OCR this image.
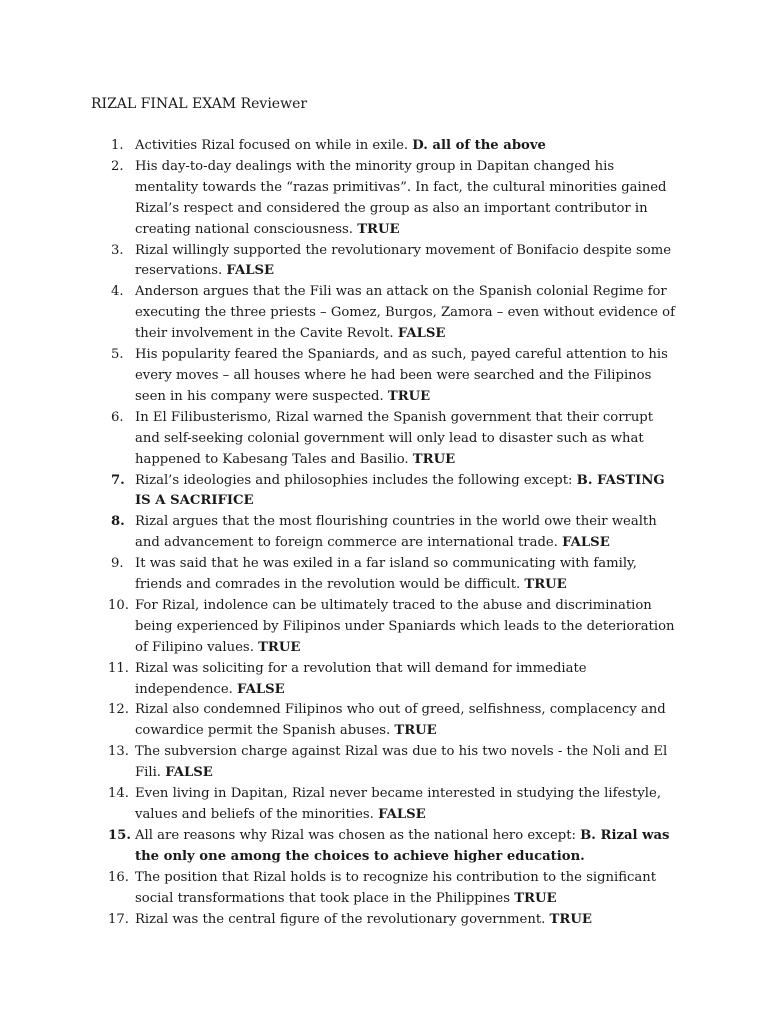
RIZAL FINAL EXAM Reviewer
1. Activities Rizal focused on while in exile. D. all of the above
2. His day-to-day dealings with the minority group in Dapitan changed his mentality towards the “razas primitivas”. In fact, the cultural minorities gained Rizal’s respect and considered the group as also an important contributor in creating national consciousness. TRUE
3. Rizal willingly supported the revolutionary movement of Bonifacio despite some reservations. FALSE
4. Anderson argues that the Fili was an attack on the Spanish colonial Regime for executing the three priests – Gomez, Burgos, Zamora – even without evidence of their involvement in the Cavite Revolt. FALSE
5. His popularity feared the Spaniards, and as such, payed careful attention to his every moves – all houses where he had been were searched and the Filipinos seen in his company were suspected. TRUE
6. In El Filibusterismo, Rizal warned the Spanish government that their corrupt and self-seeking colonial government will only lead to disaster such as what happened to Kabesang Tales and Basilio. TRUE
7. Rizal’s ideologies and philosophies includes the following except: B. FASTING IS A SACRIFICE
8. Rizal argues that the most flourishing countries in the world owe their wealth and advancement to foreign commerce are international trade. FALSE
9. It was said that he was exiled in a far island so communicating with family, friends and comrades in the revolution would be difficult. TRUE
10. For Rizal, indolence can be ultimately traced to the abuse and discrimination being experienced by Filipinos under Spaniards which leads to the deterioration of Filipino values. TRUE
11. Rizal was soliciting for a revolution that will demand for immediate independence. FALSE
12. Rizal also condemned Filipinos who out of greed, selfishness, complacency and cowardice permit the Spanish abuses. TRUE
13. The subversion charge against Rizal was due to his two novels - the Noli and El Fili. FALSE
14. Even living in Dapitan, Rizal never became interested in studying the lifestyle, values and beliefs of the minorities. FALSE
15. All are reasons why Rizal was chosen as the national hero except: B. Rizal was the only one among the choices to achieve higher education.
16. The position that Rizal holds is to recognize his contribution to the significant social transformations that took place in the Philippines TRUE
17. Rizal was the central figure of the revolutionary government. TRUE
